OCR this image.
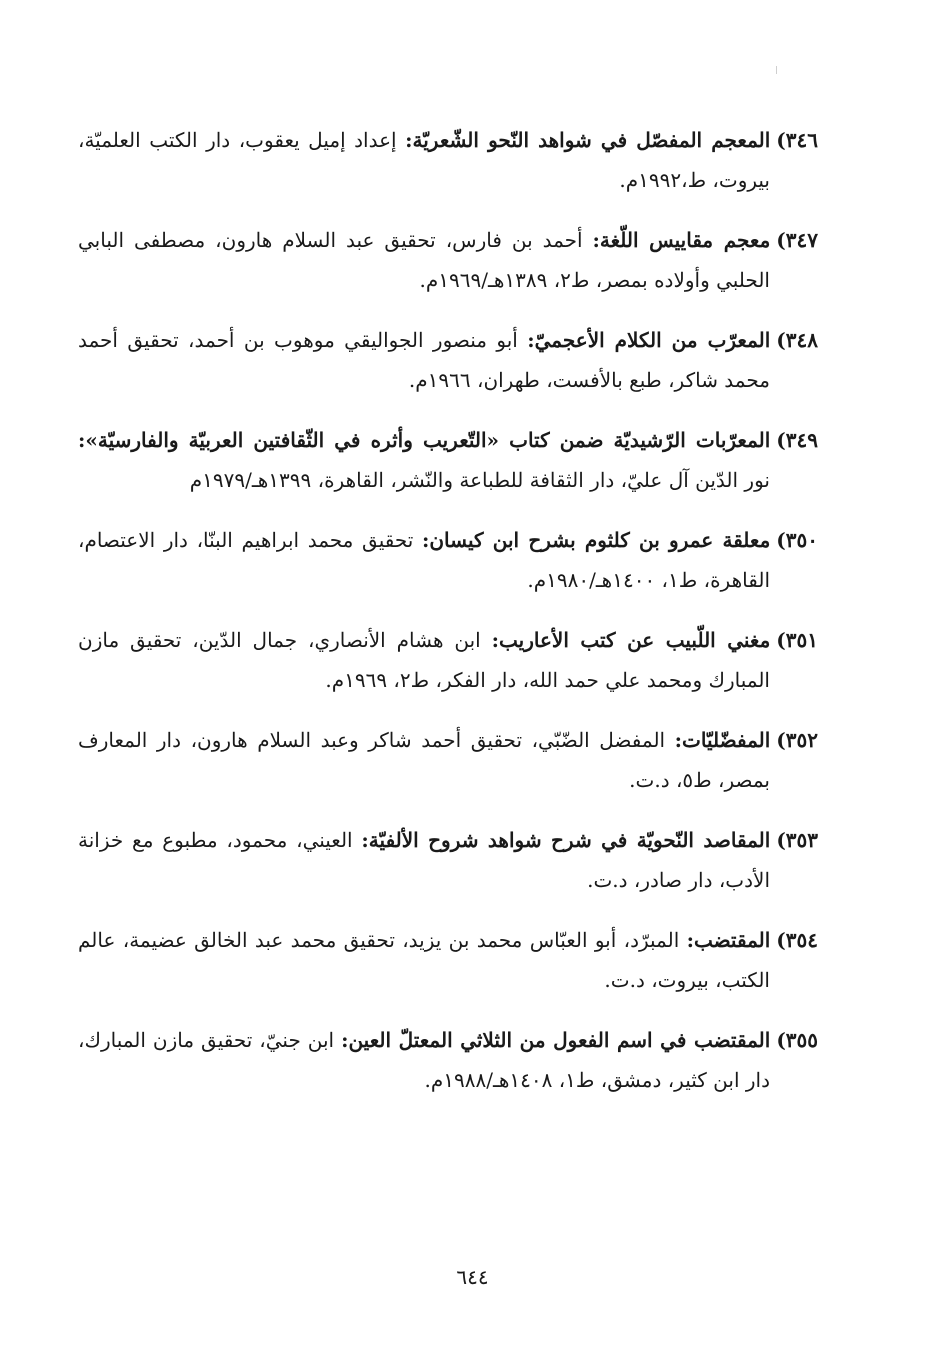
٣٤٦)المعجم المفصّل في شواهد النّحو الشّعريّة: إعداد إميل يعقوب، دار الكتب العلميّة، بيروت، ط،١٩٩٢م.

٣٤٧)معجم مقاييس اللّغة: أحمد بن فارس، تحقيق عبد السلام هارون، مصطفى البابي الحلبي وأولاده بمصر، ط٢، ١٣٨٩هـ/١٩٦٩م.

٣٤٨)المعرّب من الكلام الأعجميّ: أبو منصور الجواليقي موهوب بن أحمد، تحقيق أحمد محمد شاكر، طبع بالأفست، طهران، ١٩٦٦م.

٣٤٩)المعرّبات الرّشيديّة ضمن كتاب «التّعريب وأثره في الثّقافتين العربيّة والفارسيّة»: نور الدّين آل عليّ، دار الثقافة للطباعة والنّشر، القاهرة، ١٣٩٩هـ/١٩٧٩م

٣٥٠)معلقة عمرو بن كلثوم بشرح ابن كيسان: تحقيق محمد ابراهيم البنّا، دار الاعتصام، القاهرة، ط١، ١٤٠٠هـ/١٩٨٠م.

٣٥١)مغني اللّبيب عن كتب الأعاريب: ابن هشام الأنصاري، جمال الدّين، تحقيق مازن المبارك ومحمد علي حمد الله، دار الفكر، ط٢، ١٩٦٩م.

٣٥٢)المفضّليّات: المفضل الضّبّي، تحقيق أحمد شاكر وعبد السلام هارون، دار المعارف بمصر، ط٥، د.ت.

٣٥٣)المقاصد النّحويّة في شرح شواهد شروح الألفيّة: العيني، محمود، مطبوع مع خزانة الأدب، دار صادر، د.ت.

٣٥٤)المقتضب: المبرّد، أبو العبّاس محمد بن يزيد، تحقيق محمد عبد الخالق عضيمة، عالم الكتب، بيروت، د.ت.

٣٥٥)المقتضب في اسم الفعول من الثلاثي المعتلّ العين: ابن جنيّ، تحقيق مازن المبارك، دار ابن كثير، دمشق، ط١، ١٤٠٨هـ/١٩٨٨م.

٦٤٤
